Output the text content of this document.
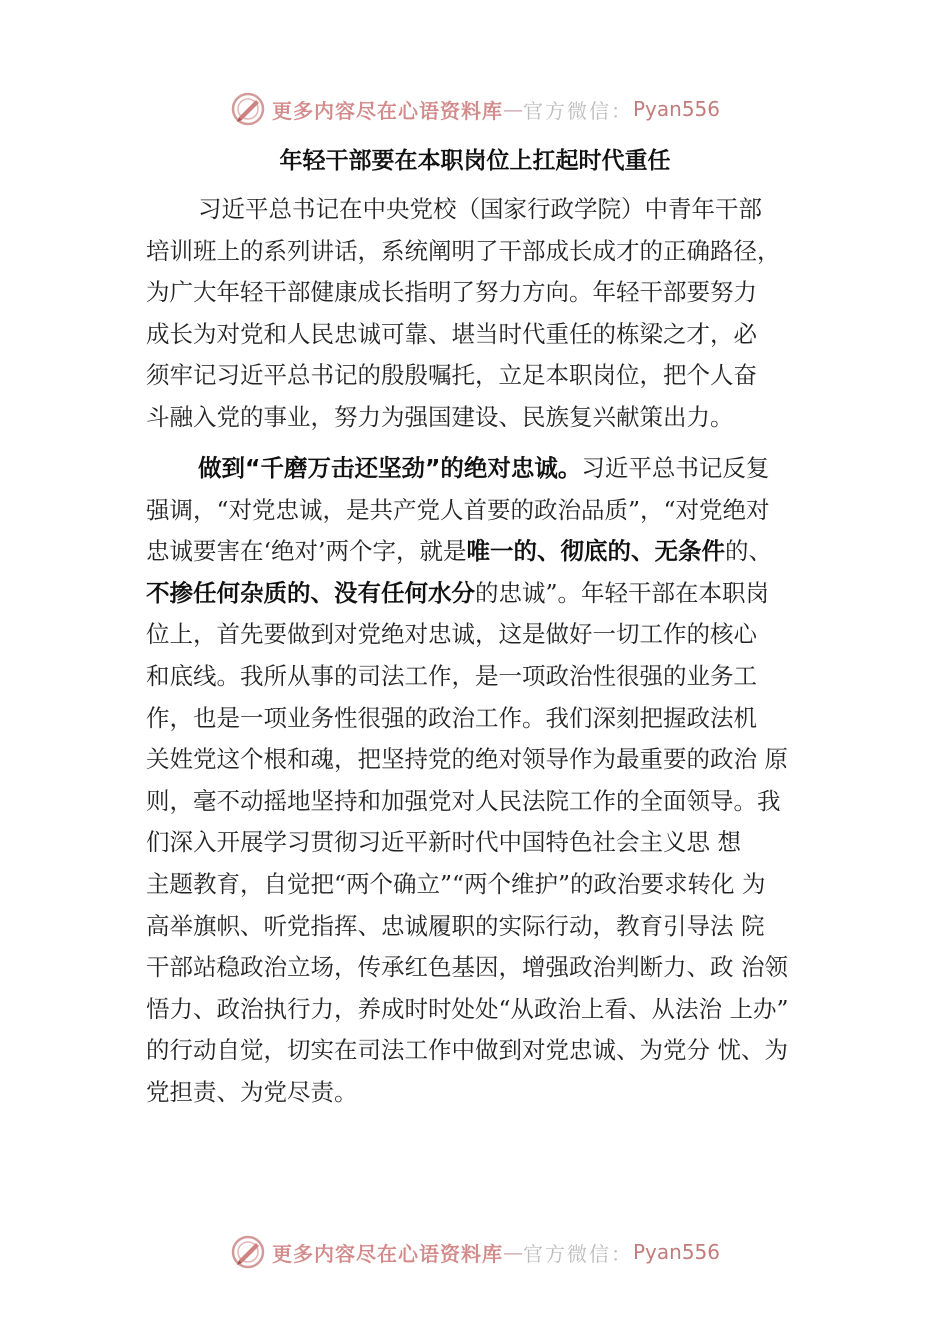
更多内容尽在心语资料库 — 官方微信： Pyan556
年轻干部要在本职岗位上扛起时代重任
习近平总书记在中央党校（国家行政学院）中青年干部
培训班上的系列讲话，系统阐明了干部成长成才的正确路径，
为广大年轻干部健康成长指明了努力方向。年轻干部要努力
成长为对党和人民忠诚可靠、堪当时代重任的栋梁之才，必
须牢记习近平总书记的殷殷嘱托，立足本职岗位，把个人奋
斗融入党的事业，努力为强国建设、民族复兴献策出力。
做到“千磨万击还坚劲”的绝对忠诚。习近平总书记反复
强调，“对党忠诚，是共产党人首要的政治品质”，“对党绝对
忠诚要害在‘绝对’两个字，就是唯一的、彻底的、无条件的、
不掺任何杂质的、没有任何水分的忠诚”。年轻干部在本职岗
位上，首先要做到对党绝对忠诚，这是做好一切工作的核心
和底线。我所从事的司法工作，是一项政治性很强的业务工
作，也是一项业务性很强的政治工作。我们深刻把握政法机
关姓党这个根和魂，把坚持党的绝对领导作为最重要的政治 原
则，毫不动摇地坚持和加强党对人民法院工作的全面领导。我
们深入开展学习贯彻习近平新时代中国特色社会主义思 想
主题教育，自觉把“两个确立”“两个维护”的政治要求转化 为
高举旗帜、听党指挥、忠诚履职的实际行动，教育引导法 院
干部站稳政治立场，传承红色基因，增强政治判断力、政 治领
悟力、政治执行力，养成时时处处“从政治上看、从法治 上办”
的行动自觉，切实在司法工作中做到对党忠诚、为党分 忧、为
党担责、为党尽责。
更多内容尽在心语资料库 — 官方微信： Pyan556
